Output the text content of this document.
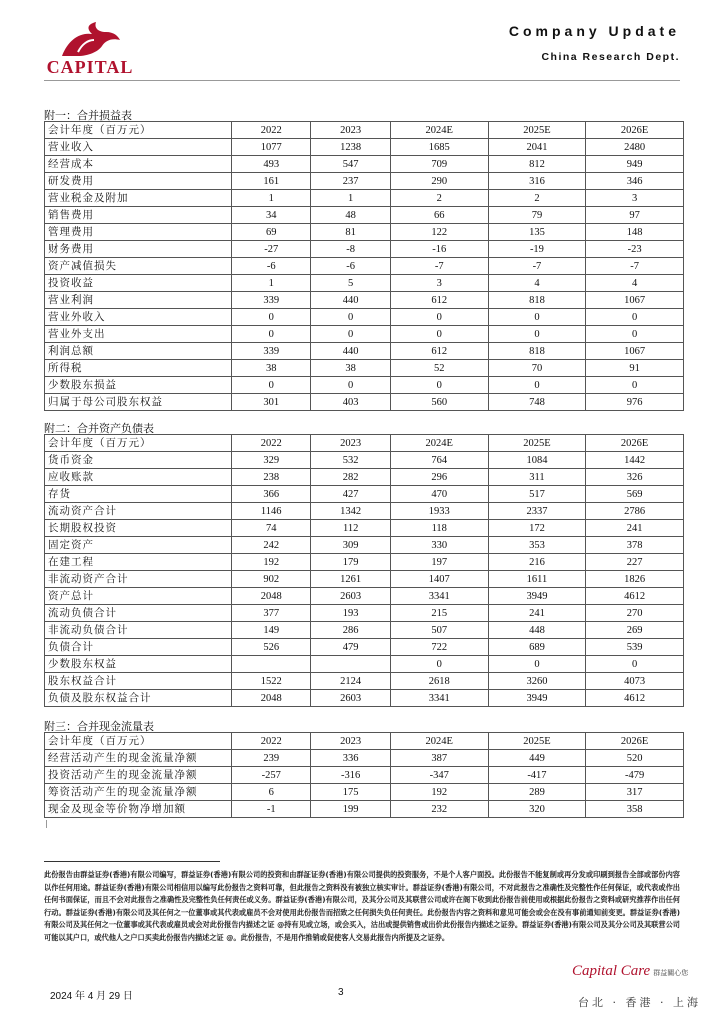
CAPITAL
Company Update
China Research Dept.
附一：合并损益表
会计年度（百万元）	2022	2023	2024E	2025E	2026E
营业收入	1077	1238	1685	2041	2480
经营成本	493	547	709	812	949
研发费用	161	237	290	316	346
营业税金及附加	1	1	2	2	3
销售费用	34	48	66	79	97
管理费用	69	81	122	135	148
财务费用	-27	-8	-16	-19	-23
资产减值损失	-6	-6	-7	-7	-7
投资收益	1	5	3	4	4
营业利润	339	440	612	818	1067
营业外收入	0	0	0	0	0
营业外支出	0	0	0	0	0
利润总额	339	440	612	818	1067
所得税	38	38	52	70	91
少数股东损益	0	0	0	0	0
归属于母公司股东权益	301	403	560	748	976
附二：合并资产负债表
会计年度（百万元）	2022	2023	2024E	2025E	2026E
货币资金	329	532	764	1084	1442
应收账款	238	282	296	311	326
存货	366	427	470	517	569
流动资产合计	1146	1342	1933	2337	2786
长期股权投资	74	112	118	172	241
固定资产	242	309	330	353	378
在建工程	192	179	197	216	227
非流动资产合计	902	1261	1407	1611	1826
资产总计	2048	2603	3341	3949	4612
流动负债合计	377	193	215	241	270
非流动负债合计	149	286	507	448	269
负债合计	526	479	722	689	539
少数股东权益			0	0	0
股东权益合计	1522	2124	2618	3260	4073
负债及股东权益合计	2048	2603	3341	3949	4612
附三：合并现金流量表
会计年度（百万元）	2022	2023	2024E	2025E	2026E
经营活动产生的现金流量净额	239	336	387	449	520
投资活动产生的现金流量净额	-257	-316	-347	-417	-479
筹资活动产生的现金流量净额	6	175	192	289	317
现金及现金等价物净增加额	-1	199	232	320	358
此份报告由群益证券(香港)有限公司编写，群益证券(香港)有限公司的投资和由群証证券(香港)有限公司提供的投资服务，不是个人客户面投。此份报告不能复制或再分发或印刷到报告全部或部份内容以作任何用途。群益证券(香港)有限公司相信用以编写此份报告之资料可靠，但此报告之资料没有被独立核实审计。群益证券(香港)有限公司，不对此报告之准确性及完整性作任何保证，或代表或作出任何书面保证，而且不会对此报告之准确性及完整性负任何责任或义务。群益证券(香港)有限公司，及其分公司及其联营公司或许在阁下收到此份报告前使用或根据此份报告之资料或研究推荐作出任何行动。群益证券(香港)有限公司及其任何之一位董事或其代表或雇员不会对使用此份报告而招致之任何损失负任何责任。此份报告内容之资料和意见可能会或会在没有事前通知前变更。群益证券(香港)有限公司及其任何之一位董事或其代表或雇员或会对此份报告内描述之证 @持有见或立场，或会买入，沽出或提供销售或出价此份报告内描述之证券。群益证券(香港)有限公司及其分公司及其联营公司可能以其户口，或代他人之户口买卖此份报告内描述之证 @。此份报告，不是用作推销或促使客人交易此报告内所提及之证券。
2024 年 4 月 29 日	3
Capital Care 群益關心您
台北 · 香港 · 上海
